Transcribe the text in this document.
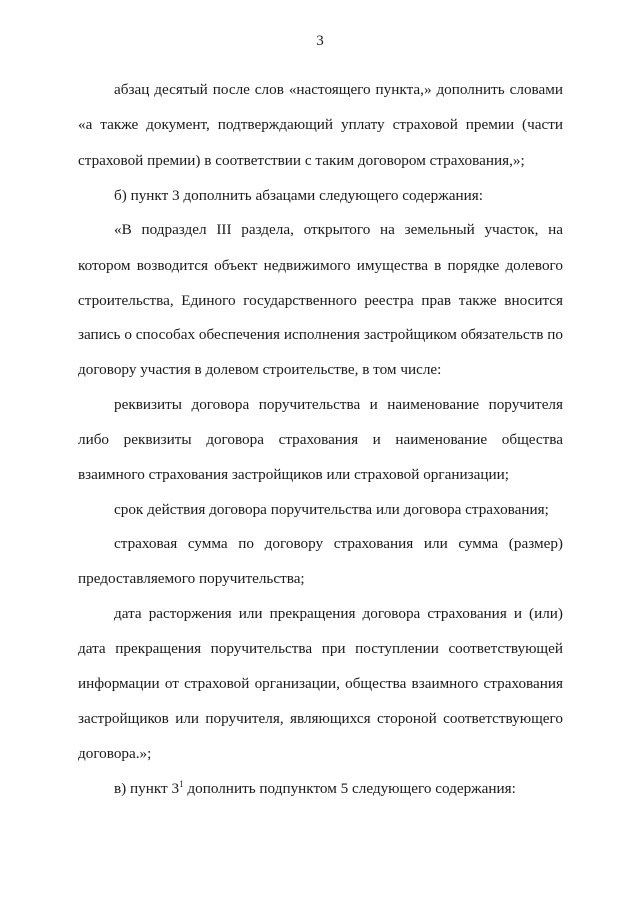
3
абзац десятый после слов «настоящего пункта,» дополнить словами
«а также документ, подтверждающий уплату страховой премии (части
страховой премии) в соответствии с таким договором страхования,»;
б) пункт 3 дополнить абзацами следующего содержания:
«В подраздел III раздела, открытого на земельный участок, на
котором возводится объект недвижимого имущества в порядке долевого
строительства, Единого государственного реестра прав также вносится
запись о способах обеспечения исполнения застройщиком обязательств по
договору участия в долевом строительстве, в том числе:
реквизиты договора поручительства и наименование поручителя
либо реквизиты договора страхования и наименование общества
взаимного страхования застройщиков или страховой организации;
срок действия договора поручительства или договора страхования;
страховая сумма по договору страхования или сумма (размер)
предоставляемого поручительства;
дата расторжения или прекращения договора страхования и (или)
дата прекращения поручительства при поступлении соответствующей
информации от страховой организации, общества взаимного страхования
застройщиков или поручителя, являющихся стороной соответствующего
договора.»;
в) пункт $3^1$ дополнить подпунктом 5 следующего содержания:
